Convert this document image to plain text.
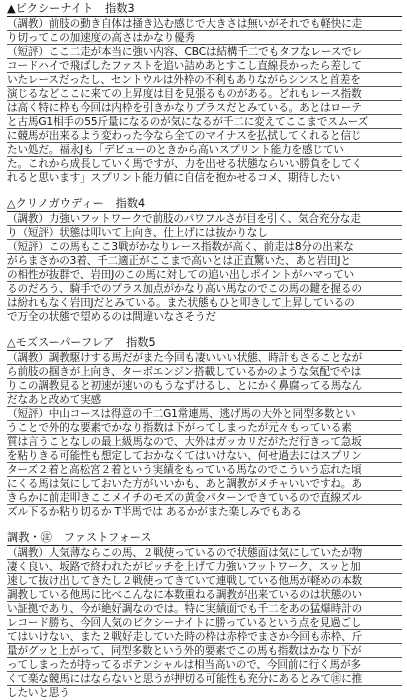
▲ピクシーナイト 指数3
（調教）前肢の動き自体は掻き込む感じで大きさは無いがそれでも軽快に走
り切ってこの加速度の高さはかなり優秀
（短評）ここ二走が本当に強い内容、CBCは結構千二でもタフなレースでレ
コードハイで飛ばしたファストを追い詰めあとすこし直線長かったら差して
いたレースだったし、セントウルは外枠の不利もありながらシンスと首差を
演じるなどここに来ての上昇度は目を見張るものがある。どれもレース指数
は高く特に枠も今回は内枠を引きかなりプラスだとみている。あとはローテ
と古馬G1相手の55斤量になるのが気になるが千二に変えてここまでスムーズ
に競馬が出来るよう変わった今なら全てのマイナスを払拭してくれると信じ
たい処だ。福永Jも「デビューのときから高いスプリント能力を感じてい
た。これから成長していく馬ですが、力を出せる状態ならいい勝負をしてく
れると思います」スプリント能力値に自信を抱かせるコメ、期待したい
△クリノガウディー 指数4
（調教）力強いフットワークで前肢のパワフルさが目を引く、気合充分な走
り（短評）状態は叩いて上向き、仕上げには抜かりなし
（短評）この馬もここ3戦がかなりレース指数が高く、前走は8分の出来な
がらまさかの3着、千二適正がここまで高いとは正直驚いた、あと岩田Jと
の相性が抜群で、岩田Jのこの馬に対しての追い出しポイントがハマってい
るのだろう、騎手でのプラス加点がかなり高い馬なのでこの馬の鍵を握るの
は紛れもなく岩田Jだとみている。また状態もひと叩きして上昇しているの
で万全の状態で望めるのは間違いなさそうだ
△モズスーパーフレア 指数5
（調教）調教駆けする馬だがまた今回も凄いいい状態、時計もさることなが
ら前肢の掴きが上向き、ターボエンジン搭載しているかのような気配でやは
りこの調教見ると初速が速いのもうなずけるし、とにかく鼻腐ってる馬なん
だなあと改めて実感
（短評）中山コースは得意の千二G1常連馬、逃げ馬の大外と同型多数とい
うことで外的な要素でかなり指数は下がってしまったが元々もっている素
質は言うことなしの最上級馬なので、大外はガッカリだがただ行きって急坂
を粘りきる可能性も想定しておかなくてはいけない、何せ過去にはスプリン
ターズ２着と高松宮２着という実績をもっている馬なのでこういう忘れた頃
にくる馬は気にしておいた方がいいかも、あと調教がメチャいいですね。あ
きらかに前走叩きここメイチのモズの黄金パターンできているので直線ズル
ズル下るか粘り切るか T半馬では あるかがまた楽しみでもある
調教・㊟ ファストフォース
（調教）人気薄ならこの馬、２戦使っているので状態面は気にしていたが物
凄く良い、坂路で終われたがピッチを上げて力強いフットワーク、スッと加
速して抜け出してきたし２戦使ってきていて連戦している他馬が軽めの本数
調教している他馬に比べこんなに本数重ねる調教が出来ているのは状態のい
い証拠であり、今が絶好調なのでは。特に実績面でも千二をあの猛爆時計の
レコード勝ち、今回人気のピクシーナイトに勝っているという点を見過ごし
てはいけない、また２戦好走していた時の枠は赤枠でまさか今回も赤枠、斤
量がグッと上がって、同型多数という外的要素でこの馬も指数はかなり下が
ってしまったが持ってるポテンシャルは相当高いので、今回前に行く馬が多
くて楽な競馬にはならないと思うが押切る可能性も充分にあるとみて㊟に推
したいと思う
